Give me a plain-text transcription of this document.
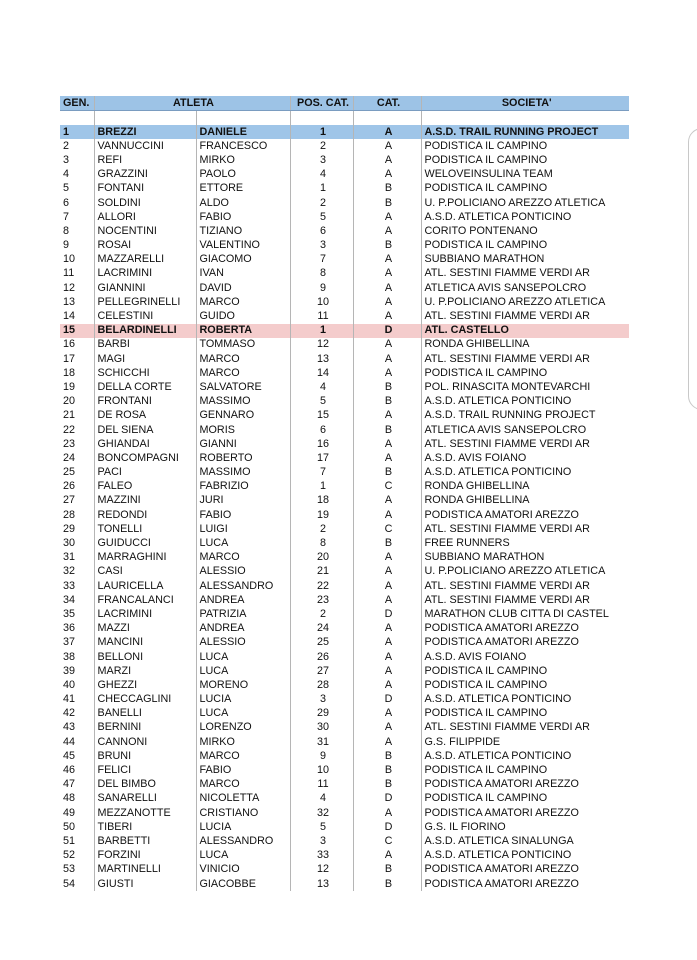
GEN.	ATLETA		POS. CAT.	CAT.	SOCIETA'

1	BREZZI	DANIELE	1	A	A.S.D. TRAIL RUNNING PROJECT
2	VANNUCCINI	FRANCESCO	2	A	PODISTICA IL CAMPINO
3	REFI	MIRKO	3	A	PODISTICA IL CAMPINO
4	GRAZZINI	PAOLO	4	A	WELOVEINSULINA TEAM
5	FONTANI	ETTORE	1	B	PODISTICA IL CAMPINO
6	SOLDINI	ALDO	2	B	U. P.POLICIANO AREZZO ATLETICA
7	ALLORI	FABIO	5	A	A.S.D. ATLETICA PONTICINO
8	NOCENTINI	TIZIANO	6	A	CORITO PONTENANO
9	ROSAI	VALENTINO	3	B	PODISTICA IL CAMPINO
10	MAZZARELLI	GIACOMO	7	A	SUBBIANO MARATHON
11	LACRIMINI	IVAN	8	A	ATL. SESTINI FIAMME VERDI AR
12	GIANNINI	DAVID	9	A	ATLETICA AVIS SANSEPOLCRO
13	PELLEGRINELLI	MARCO	10	A	U. P.POLICIANO AREZZO ATLETICA
14	CELESTINI	GUIDO	11	A	ATL. SESTINI FIAMME VERDI AR
15	BELARDINELLI	ROBERTA	1	D	ATL. CASTELLO
16	BARBI	TOMMASO	12	A	RONDA GHIBELLINA
17	MAGI	MARCO	13	A	ATL. SESTINI FIAMME VERDI AR
18	SCHICCHI	MARCO	14	A	PODISTICA IL CAMPINO
19	DELLA CORTE	SALVATORE	4	B	POL. RINASCITA MONTEVARCHI
20	FRONTANI	MASSIMO	5	B	A.S.D. ATLETICA PONTICINO
21	DE ROSA	GENNARO	15	A	A.S.D. TRAIL RUNNING PROJECT
22	DEL SIENA	MORIS	6	B	ATLETICA AVIS SANSEPOLCRO
23	GHIANDAI	GIANNI	16	A	ATL. SESTINI FIAMME VERDI AR
24	BONCOMPAGNI	ROBERTO	17	A	A.S.D. AVIS FOIANO
25	PACI	MASSIMO	7	B	A.S.D. ATLETICA PONTICINO
26	FALEO	FABRIZIO	1	C	RONDA GHIBELLINA
27	MAZZINI	JURI	18	A	RONDA GHIBELLINA
28	REDONDI	FABIO	19	A	PODISTICA AMATORI AREZZO
29	TONELLI	LUIGI	2	C	ATL. SESTINI FIAMME VERDI AR
30	GUIDUCCI	LUCA	8	B	FREE RUNNERS
31	MARRAGHINI	MARCO	20	A	SUBBIANO MARATHON
32	CASI	ALESSIO	21	A	U. P.POLICIANO AREZZO ATLETICA
33	LAURICELLA	ALESSANDRO	22	A	ATL. SESTINI FIAMME VERDI AR
34	FRANCALANCI	ANDREA	23	A	ATL. SESTINI FIAMME VERDI AR
35	LACRIMINI	PATRIZIA	2	D	MARATHON CLUB CITTA DI CASTEL
36	MAZZI	ANDREA	24	A	PODISTICA AMATORI AREZZO
37	MANCINI	ALESSIO	25	A	PODISTICA AMATORI AREZZO
38	BELLONI	LUCA	26	A	A.S.D. AVIS FOIANO
39	MARZI	LUCA	27	A	PODISTICA IL CAMPINO
40	GHEZZI	MORENO	28	A	PODISTICA IL CAMPINO
41	CHECCAGLINI	LUCIA	3	D	A.S.D. ATLETICA PONTICINO
42	BANELLI	LUCA	29	A	PODISTICA IL CAMPINO
43	BERNINI	LORENZO	30	A	ATL. SESTINI FIAMME VERDI AR
44	CANNONI	MIRKO	31	A	G.S. FILIPPIDE
45	BRUNI	MARCO	9	B	A.S.D. ATLETICA PONTICINO
46	FELICI	FABIO	10	B	PODISTICA IL CAMPINO
47	DEL BIMBO	MARCO	11	B	PODISTICA AMATORI AREZZO
48	SANARELLI	NICOLETTA	4	D	PODISTICA IL CAMPINO
49	MEZZANOTTE	CRISTIANO	32	A	PODISTICA AMATORI AREZZO
50	TIBERI	LUCIA	5	D	G.S. IL FIORINO
51	BARBETTI	ALESSANDRO	3	C	A.S.D. ATLETICA SINALUNGA
52	FORZINI	LUCA	33	A	A.S.D. ATLETICA PONTICINO
53	MARTINELLI	VINICIO	12	B	PODISTICA AMATORI AREZZO
54	GIUSTI	GIACOBBE	13	B	PODISTICA AMATORI AREZZO
